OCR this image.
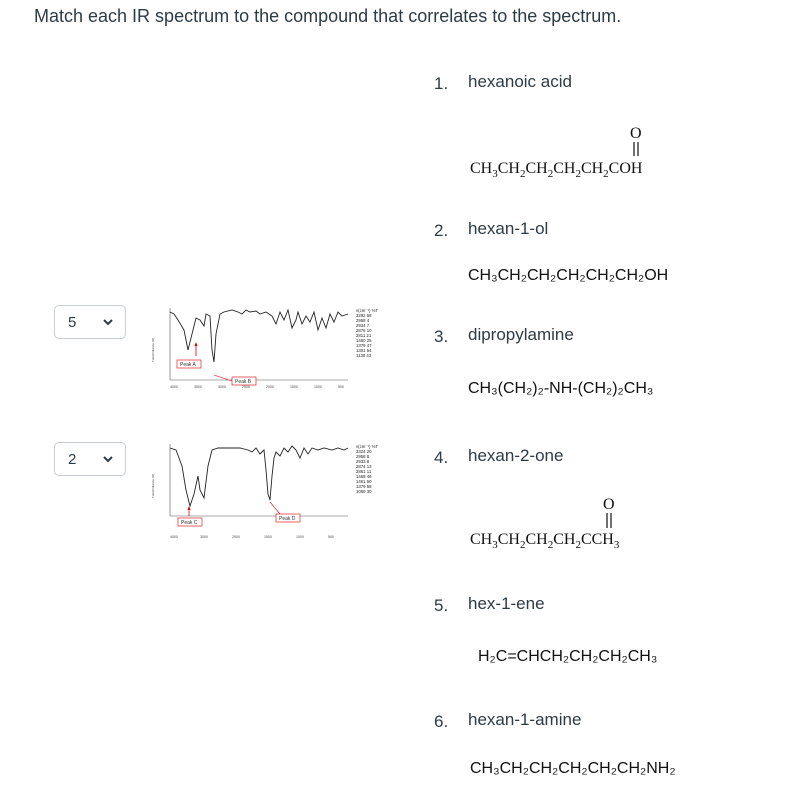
Match each IR spectrum to the compound that correlates to the spectrum.
5
2
Transmittance (%)
Peak A
Peak B
4000	3500	3000	2500	2000	1500	1000	500
ν(cm⁻¹) %T
3292 58
2958 4
2934 7
2876 10
2811 21
1460 25
1379 47
1301 64
1130 43
Transmittance (%)
Peak C
Peak D
4000	3000	2000	1500	1000	500
ν(cm⁻¹) %T
3324 20
2958 8
2933 8
2874 13
2861 11
1468 46
1461 50
1379 58
1069 30
1. hexanoic acid
O
$CH_3CH_2CH_2CH_2CH_2COH$
2. hexan-1-ol
CH₃CH₂CH₂CH₂CH₂CH₂OH
3. dipropylamine
CH₃(CH₂)₂-NH-(CH₂)₂CH₃
4. hexan-2-one
O
$CH_3CH_2CH_2CH_2CCH_3$
5. hex-1-ene
H₂C=CHCH₂CH₂CH₂CH₃
6. hexan-1-amine
CH₃CH₂CH₂CH₂CH₂CH₂NH₂
